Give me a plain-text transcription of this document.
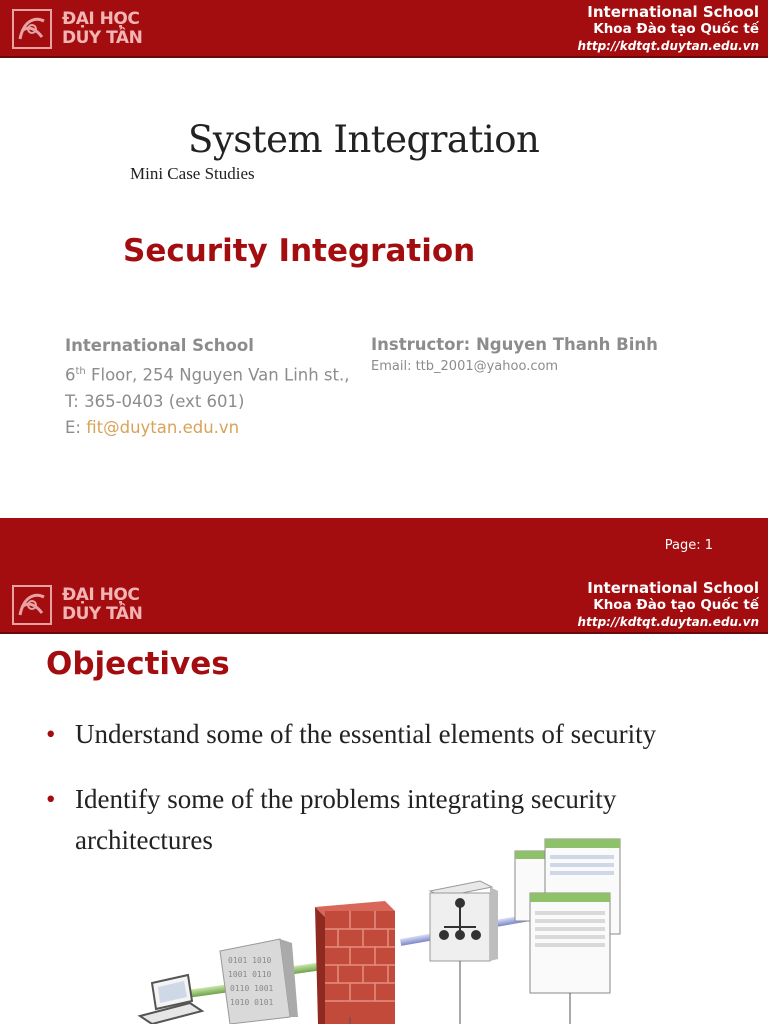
ĐẠI HỌC
DUY TÂN
International School
Khoa Đào tạo Quốc tế
http://kdtqt.duytan.edu.vn
System Integration
Mini Case Studies
Security Integration
International School
6th Floor, 254 Nguyen Van Linh st.,
T: 365-0403 (ext 601)
E: fit@duytan.edu.vn
Instructor: Nguyen Thanh Binh
Email: ttb_2001@yahoo.com
Page: 1
ĐẠI HỌC
DUY TÂN
International School
Khoa Đào tạo Quốc tế
http://kdtqt.duytan.edu.vn
Objectives
• Understand some of the essential elements of security
• Identify some of the problems integrating security architectures
0101 1010
1001 0110
0110 1001
1010 0101
